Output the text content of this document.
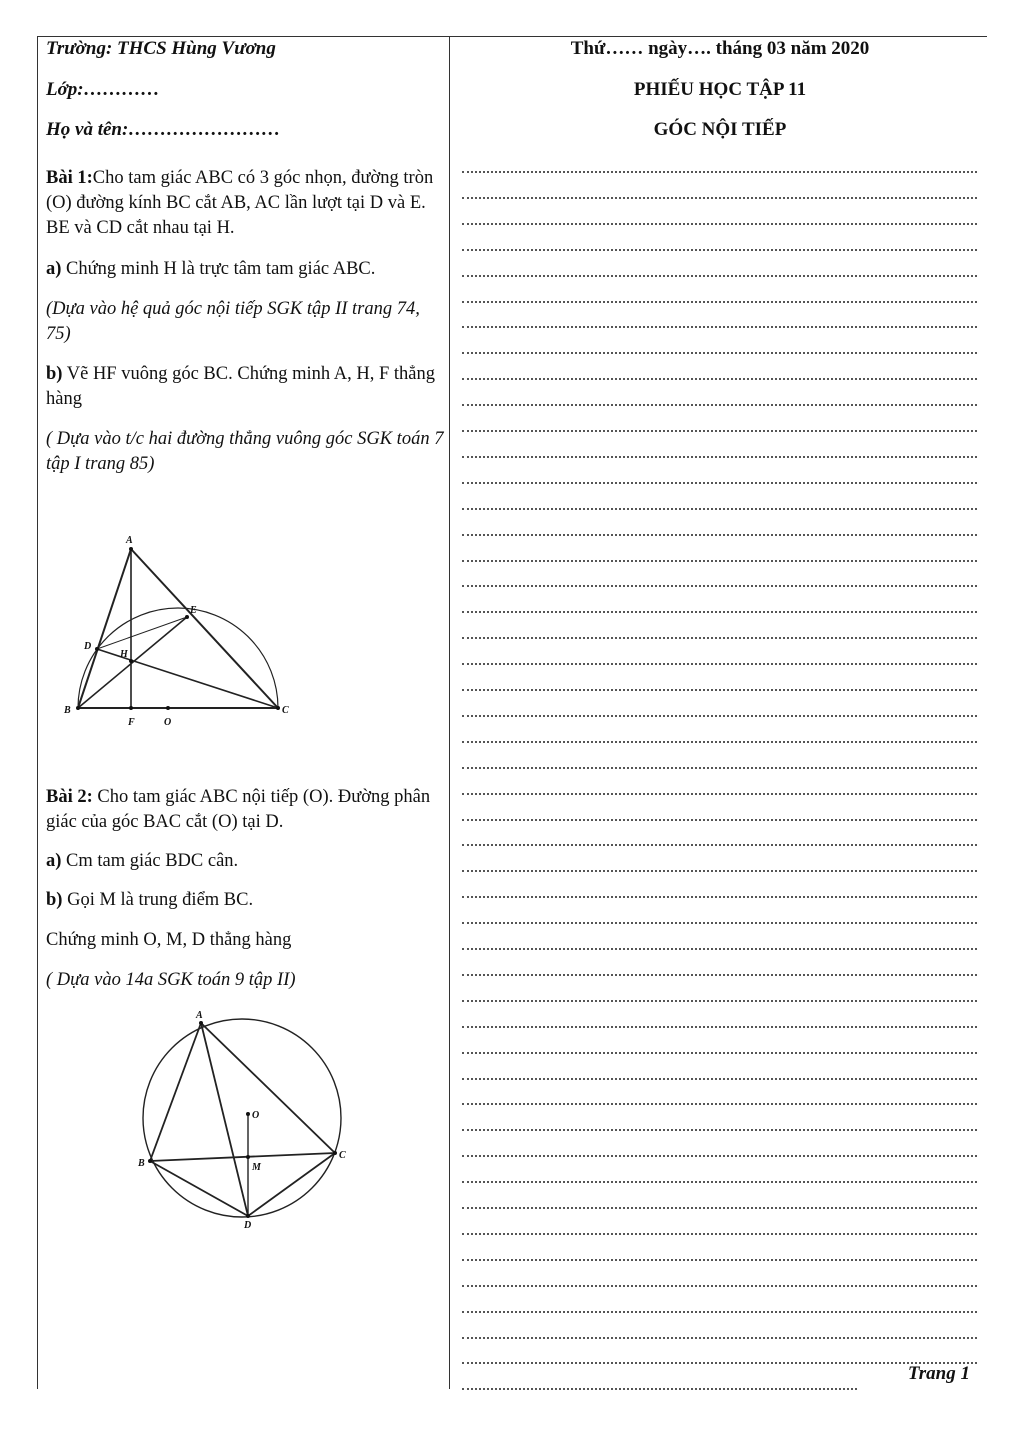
Trường: THCS Hùng Vương
Lớp:…………
Họ và tên:……………………
Bài 1:Cho tam giác ABC có 3 góc nhọn, đường tròn (O) đường kính BC cắt AB, AC lần lượt tại D và E. BE và CD cắt nhau tại H.
a) Chứng minh H là trực tâm tam giác ABC.
(Dựa vào hệ quả góc nội tiếp SGK tập II trang 74, 75)
b) Vẽ HF vuông góc BC. Chứng minh A, H, F thẳng hàng
( Dựa vào t/c hai đường thẳng vuông góc SGK toán 7 tập I trang 85)
A
E
D
H
B
F	O
C
Bài 2: Cho tam giác ABC nội tiếp (O). Đường phân giác của góc BAC cắt (O) tại D.
a) Cm tam giác BDC cân.
b) Gọi M là trung điểm BC.
Chứng minh O, M, D thẳng hàng
( Dựa vào 14a SGK toán 9 tập II)
A
O
B	M
C
D
Thứ…… ngày…. tháng 03 năm 2020
PHIẾU HỌC TẬP 11
GÓC NỘI TIẾP
Trang 1
